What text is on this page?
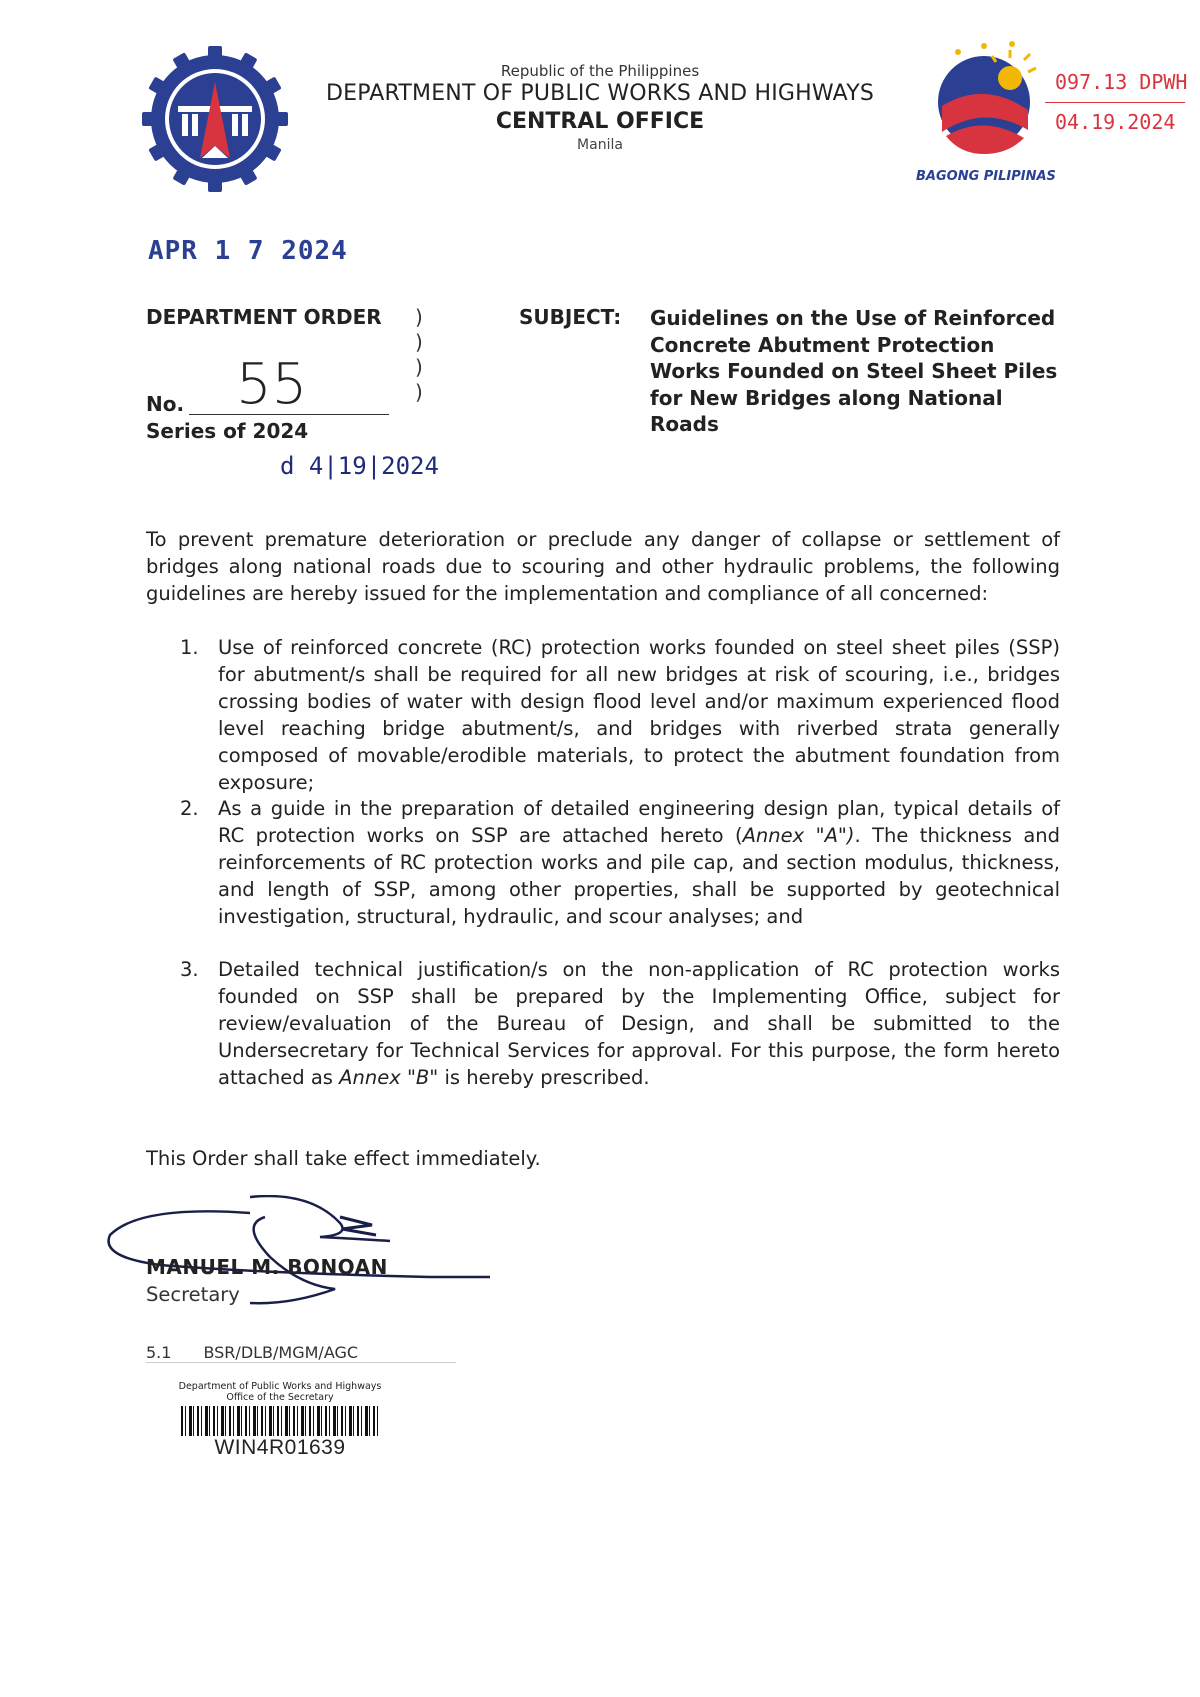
Republic of the Philippines
DEPARTMENT OF PUBLIC WORKS AND HIGHWAYS
CENTRAL OFFICE
Manila
BAGONG PILIPINAS
097.13 DPWH
04.19.2024
APR 1 7 2024
DEPARTMENT ORDER )
)
)
)
No. 55
Series of 2024
d 4|19|2024
SUBJECT: Guidelines on the Use of Reinforced Concrete Abutment Protection Works Founded on Steel Sheet Piles for New Bridges along National Roads
To prevent premature deterioration or preclude any danger of collapse or settlement of bridges along national roads due to scouring and other hydraulic problems, the following guidelines are hereby issued for the implementation and compliance of all concerned:
1. Use of reinforced concrete (RC) protection works founded on steel sheet piles (SSP) for abutment/s shall be required for all new bridges at risk of scouring, i.e., bridges crossing bodies of water with design flood level and/or maximum experienced flood level reaching bridge abutment/s, and bridges with riverbed strata generally composed of movable/erodible materials, to protect the abutment foundation from exposure;
2. As a guide in the preparation of detailed engineering design plan, typical details of RC protection works on SSP are attached hereto (Annex "A"). The thickness and reinforcements of RC protection works and pile cap, and section modulus, thickness, and length of SSP, among other properties, shall be supported by geotechnical investigation, structural, hydraulic, and scour analyses; and
3. Detailed technical justification/s on the non-application of RC protection works founded on SSP shall be prepared by the Implementing Office, subject for review/evaluation of the Bureau of Design, and shall be submitted to the Undersecretary for Technical Services for approval. For this purpose, the form hereto attached as Annex "B" is hereby prescribed.
This Order shall take effect immediately.
MANUEL M. BONOAN
Secretary
5.1 BSR/DLB/MGM/AGC
Department of Public Works and Highways
Office of the Secretary
WIN4R01639
